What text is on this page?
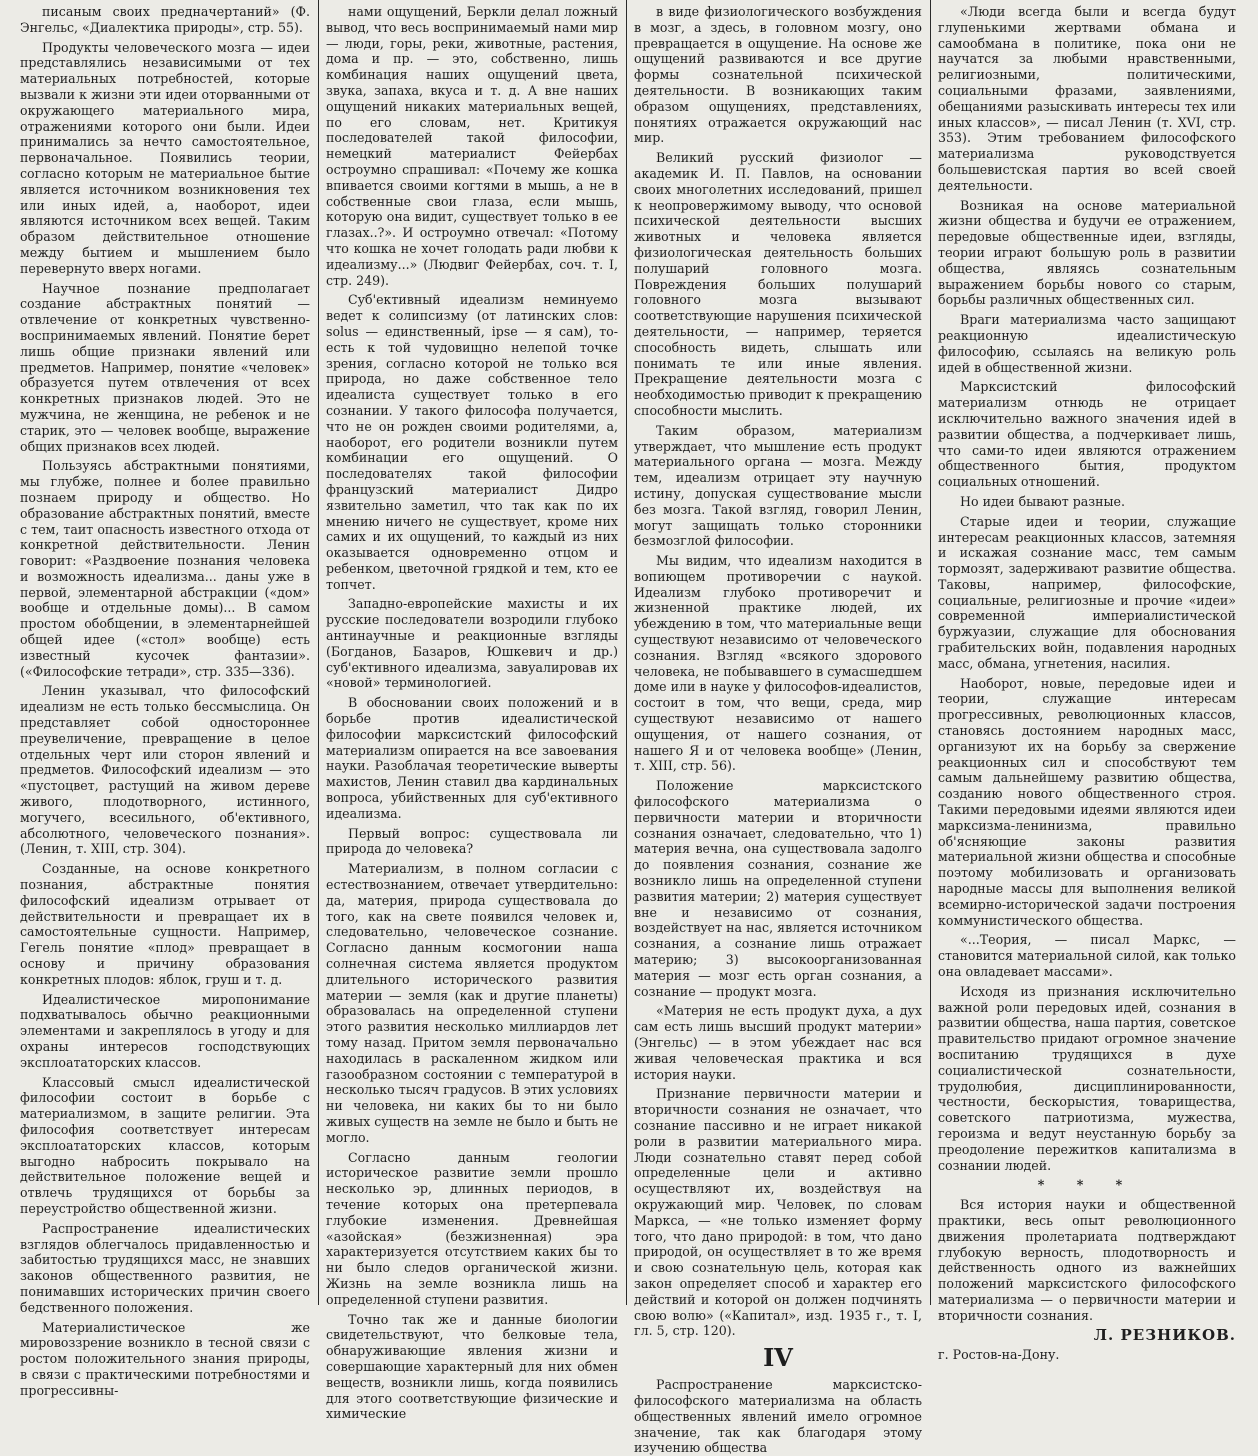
писаным своих предначертаний» (Ф. Энгельс, «Диалектика природы», стр. 55).

Продукты человеческого мозга — идеи представлялись независимыми от тех материальных потребностей, которые вызвали к жизни эти идеи оторванными от окружающего материального мира, отражениями которого они были. Идеи принимались за нечто самостоятельное, первоначальное. Появились теории, согласно которым не материальное бытие является источником возникновения тех или иных идей, а, наоборот, идеи являются источником всех вещей. Таким образом действительное отношение между бытием и мышлением было перевернуто вверх ногами.

Научное познание предполагает создание абстрактных понятий — отвлечение от конкретных чувственно-воспринимаемых явлений. Понятие берет лишь общие признаки явлений или предметов. Например, понятие «человек» образуется путем отвлечения от всех конкретных признаков людей. Это не мужчина, не женщина, не ребенок и не старик, это — человек вообще, выражение общих признаков всех людей.

Пользуясь абстрактными понятиями, мы глубже, полнее и более правильно познаем природу и общество. Но образование абстрактных понятий, вместе с тем, таит опасность известного отхода от конкретной действительности. Ленин говорит: «Раздвоение познания человека и возможность идеализма... даны уже в первой, элементарной абстракции («дом» вообще и отдельные домы)... В самом простом обобщении, в элементарнейшей общей идее («стол» вообще) есть известный кусочек фантазии». («Философские тетради», стр. 335—336).

Ленин указывал, что философский идеализм не есть только бессмыслица. Он представляет собой одностороннее преувеличение, превращение в целое отдельных черт или сторон явлений и предметов. Философский идеализм — это «пустоцвет, растущий на живом дереве живого, плодотворного, истинного, могучего, всесильного, об'ективного, абсолютного, человеческого познания». (Ленин, т. XIII, стр. 304).

Созданные, на основе конкретного познания, абстрактные понятия философский идеализм отрывает от действительности и превращает их в самостоятельные сущности. Например, Гегель понятие «плод» превращает в основу и причину образования конкретных плодов: яблок, груш и т. д.

Идеалистическое миропонимание подхватывалось обычно реакционными элементами и закреплялось в угоду и для охраны интересов господствующих эксплоататорских классов.

Классовый смысл идеалистической философии состоит в борьбе с материализмом, в защите религии. Эта философия соответствует интересам эксплоататорских классов, которым выгодно набросить покрывало на действительное положение вещей и отвлечь трудящихся от борьбы за переустройство общественной жизни.

Распространение идеалистических взглядов облегчалось придавленностью и забитостью трудящихся масс, не знавших законов общественного развития, не понимавших исторических причин своего бедственного положения.

Материалистическое же мировоззрение возникло в тесной связи с ростом положительного знания природы, в связи с практическими потребностями и прогрессивны-

нами ощущений, Беркли делал ложный вывод, что весь воспринимаемый нами мир — люди, горы, реки, животные, растения, дома и пр. — это, собственно, лишь комбинация наших ощущений цвета, звука, запаха, вкуса и т. д. А вне наших ощущений никаких материальных вещей, по его словам, нет. Критикуя последователей такой философии, немецкий материалист Фейербах остроумно спрашивал: «Почему же кошка впивается своими когтями в мышь, а не в собственные свои глаза, если мышь, которую она видит, существует только в ее глазах..?». И остроумно отвечал: «Потому что кошка не хочет голодать ради любви к идеализму...» (Людвиг Фейербах, соч. т. I, стр. 249).

Суб'ективный идеализм неминуемо ведет к солипсизму (от латинских слов: solus — единственный, ipse — я сам), то-есть к той чудовищно нелепой точке зрения, согласно которой не только вся природа, но даже собственное тело идеалиста существует только в его сознании. У такого философа получается, что не он рожден своими родителями, а, наоборот, его родители возникли путем комбинации его ощущений. О последователях такой философии французский материалист Дидро язвительно заметил, что так как по их мнению ничего не существует, кроме них самих и их ощущений, то каждый из них оказывается одновременно отцом и ребенком, цветочной грядкой и тем, кто ее топчет.

Западно-европейские махисты и их русские последователи возродили глубоко антинаучные и реакционные взгляды (Богданов, Базаров, Юшкевич и др.) суб'ективного идеализма, завуалировав их «новой» терминологией.

В обосновании своих положений и в борьбе против идеалистической философии марксистский философский материализм опирается на все завоевания науки. Разоблачая теоретические выверты махистов, Ленин ставил два кардинальных вопроса, убийственных для суб'ективного идеализма.

Первый вопрос: существовала ли природа до человека?

Материализм, в полном согласии с естествознанием, отвечает утвердительно: да, материя, природа существовала до того, как на свете появился человек и, следовательно, человеческое сознание. Согласно данным космогонии наша солнечная система является продуктом длительного исторического развития материи — земля (как и другие планеты) образовалась на определенной ступени этого развития несколько миллиардов лет тому назад. Притом земля первоначально находилась в раскаленном жидком или газообразном состоянии с температурой в несколько тысяч градусов. В этих условиях ни человека, ни каких бы то ни было живых существ на земле не было и быть не могло.

Согласно данным геологии историческое развитие земли прошло несколько эр, длинных периодов, в течение которых она претерпевала глубокие изменения. Древнейшая «азойская» (безжизненная) эра характеризуется отсутствием каких бы то ни было следов органической жизни. Жизнь на земле возникла лишь на определенной ступени развития.

Точно так же и данные биологии свидетельствуют, что белковые тела, обнаруживающие явления жизни и совершающие характерный для них обмен веществ, возникли лишь, когда появились для этого соответствующие физические и химические

в виде физиологического возбуждения в мозг, а здесь, в головном мозгу, оно превращается в ощущение. На основе же ощущений развиваются и все другие формы сознательной психической деятельности. В возникающих таким образом ощущениях, представлениях, понятиях отражается окружающий нас мир.

Великий русский физиолог — академик И. П. Павлов, на основании своих многолетних исследований, пришел к неопровержимому выводу, что основой психической деятельности высших животных и человека является физиологическая деятельность больших полушарий головного мозга. Повреждения больших полушарий головного мозга вызывают соответствующие нарушения психической деятельности, — например, теряется способность видеть, слышать или понимать те или иные явления. Прекращение деятельности мозга с необходимостью приводит к прекращению способности мыслить.

Таким образом, материализм утверждает, что мышление есть продукт материального органа — мозга. Между тем, идеализм отрицает эту научную истину, допуская существование мысли без мозга. Такой взгляд, говорил Ленин, могут защищать только сторонники безмозглой философии.

Мы видим, что идеализм находится в вопиющем противоречии с наукой. Идеализм глубоко противоречит и жизненной практике людей, их убеждению в том, что материальные вещи существуют независимо от человеческого сознания. Взгляд «всякого здорового человека, не побывавшего в сумасшедшем доме или в науке у философов-идеалистов, состоит в том, что вещи, среда, мир существуют независимо от нашего ощущения, от нашего сознания, от нашего Я и от человека вообще» (Ленин, т. XIII, стр. 56).

Положение марксистского философского материализма о первичности материи и вторичности сознания означает, следовательно, что 1) материя вечна, она существовала задолго до появления сознания, сознание же возникло лишь на определенной ступени развития материи; 2) материя существует вне и независимо от сознания, воздействует на нас, является источником сознания, а сознание лишь отражает материю; 3) высокоорганизованная материя — мозг есть орган сознания, а сознание — продукт мозга.

«Материя не есть продукт духа, а дух сам есть лишь высший продукт материи» (Энгельс) — в этом убеждает нас вся живая человеческая практика и вся история науки.

Признание первичности материи и вторичности сознания не означает, что сознание пассивно и не играет никакой роли в развитии материального мира. Люди сознательно ставят перед собой определенные цели и активно осуществляют их, воздействуя на окружающий мир. Человек, по словам Маркса, — «не только изменяет форму того, что дано природой: в том, что дано природой, он осуществляет в то же время и свою сознательную цель, которая как закон определяет способ и характер его действий и которой он должен подчинять свою волю» («Капитал», изд. 1935 г., т. I, гл. 5, стр. 120).

IV

Распространение марксистско-философского материализма на область общественных явлений имело огромное значение, так как благодаря этому изучению общества

«Люди всегда были и всегда будут глупенькими жертвами обмана и самообмана в политике, пока они не научатся за любыми нравственными, религиозными, политическими, социальными фразами, заявлениями, обещаниями разыскивать интересы тех или иных классов», — писал Ленин (т. XVI, стр. 353). Этим требованием философского материализма руководствуется большевистская партия во всей своей деятельности.

Возникая на основе материальной жизни общества и будучи ее отражением, передовые общественные идеи, взгляды, теории играют большую роль в развитии общества, являясь сознательным выражением борьбы нового со старым, борьбы различных общественных сил.

Враги материализма часто защищают реакционную идеалистическую философию, ссылаясь на великую роль идей в общественной жизни.

Марксистский философский материализм отнюдь не отрицает исключительно важного значения идей в развитии общества, а подчеркивает лишь, что сами-то идеи являются отражением общественного бытия, продуктом социальных отношений.

Но идеи бывают разные.

Старые идеи и теории, служащие интересам реакционных классов, затемняя и искажая сознание масс, тем самым тормозят, задерживают развитие общества. Таковы, например, философские, социальные, религиозные и прочие «идеи» современной империалистической буржуазии, служащие для обоснования грабительских войн, подавления народных масс, обмана, угнетения, насилия.

Наоборот, новые, передовые идеи и теории, служащие интересам прогрессивных, революционных классов, становясь достоянием народных масс, организуют их на борьбу за свержение реакционных сил и способствуют тем самым дальнейшему развитию общества, созданию нового общественного строя. Такими передовыми идеями являются идеи марксизма-ленинизма, правильно об'ясняющие законы развития материальной жизни общества и способные поэтому мобилизовать и организовать народные массы для выполнения великой всемирно-исторической задачи построения коммунистического общества.

«...Теория, — писал Маркс, — становится материальной силой, как только она овладевает массами».

Исходя из признания исключительно важной роли передовых идей, сознания в развитии общества, наша партия, советское правительство придают огромное значение воспитанию трудящихся в духе социалистической сознательности, трудолюбия, дисциплинированности, честности, бескорыстия, товарищества, советского патриотизма, мужества, героизма и ведут неустанную борьбу за преодоление пережитков капитализма в сознании людей.

* * *

Вся история науки и общественной практики, весь опыт революционного движения пролетариата подтверждают глубокую верность, плодотворность и действенность одного из важнейших положений марксистского философского материализма — о первичности материи и вторичности сознания.

Л. РЕЗНИКОВ.

г. Ростов-на-Дону.
